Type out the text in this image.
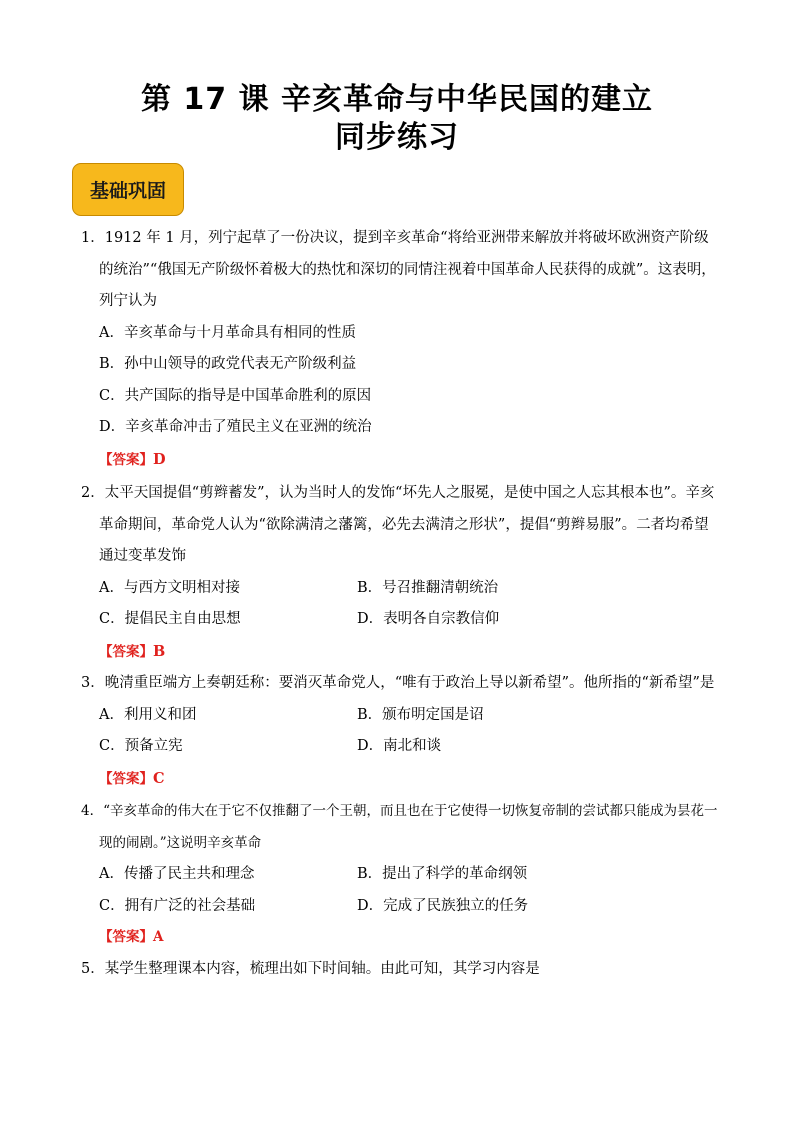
第 17 课 辛亥革命与中华民国的建立
同步练习
基础巩固

1．1912 年 1 月，列宁起草了一份决议，提到辛亥革命“将给亚洲带来解放并将破坏欧洲资产阶级的统治”“俄国无产阶级怀着极大的热忱和深切的同情注视着中国革命人民获得的成就”。这表明，列宁认为

A．辛亥革命与十月革命具有相同的性质
B．孙中山领导的政党代表无产阶级利益
C．共产国际的指导是中国革命胜利的原因
D．辛亥革命冲击了殖民主义在亚洲的统治
【答案】D

2．太平天国提倡“剪辫蓄发”，认为当时人的发饰“坏先人之服冕，是使中国之人忘其根本也”。辛亥革命期间，革命党人认为“欲除满清之藩篱，必先去满清之形状”，提倡“剪辫易服”。二者均希望通过变革发饰

A．与西方文明相对接	B．号召推翻清朝统治
C．提倡民主自由思想	D．表明各自宗教信仰
【答案】B

3．晚清重臣端方上奏朝廷称：要消灭革命党人，“唯有于政治上导以新希望”。他所指的“新希望”是

A．利用义和团	B．颁布明定国是诏
C．预备立宪	D．南北和谈
【答案】C

4．“辛亥革命的伟大在于它不仅推翻了一个王朝，而且也在于它使得一切恢复帝制的尝试都只能成为昙花一现的闹剧。”这说明辛亥革命

A．传播了民主共和理念	B．提出了科学的革命纲领
C．拥有广泛的社会基础	D．完成了民族独立的任务
【答案】A

5．某学生整理课本内容，梳理出如下时间轴。由此可知，其学习内容是
